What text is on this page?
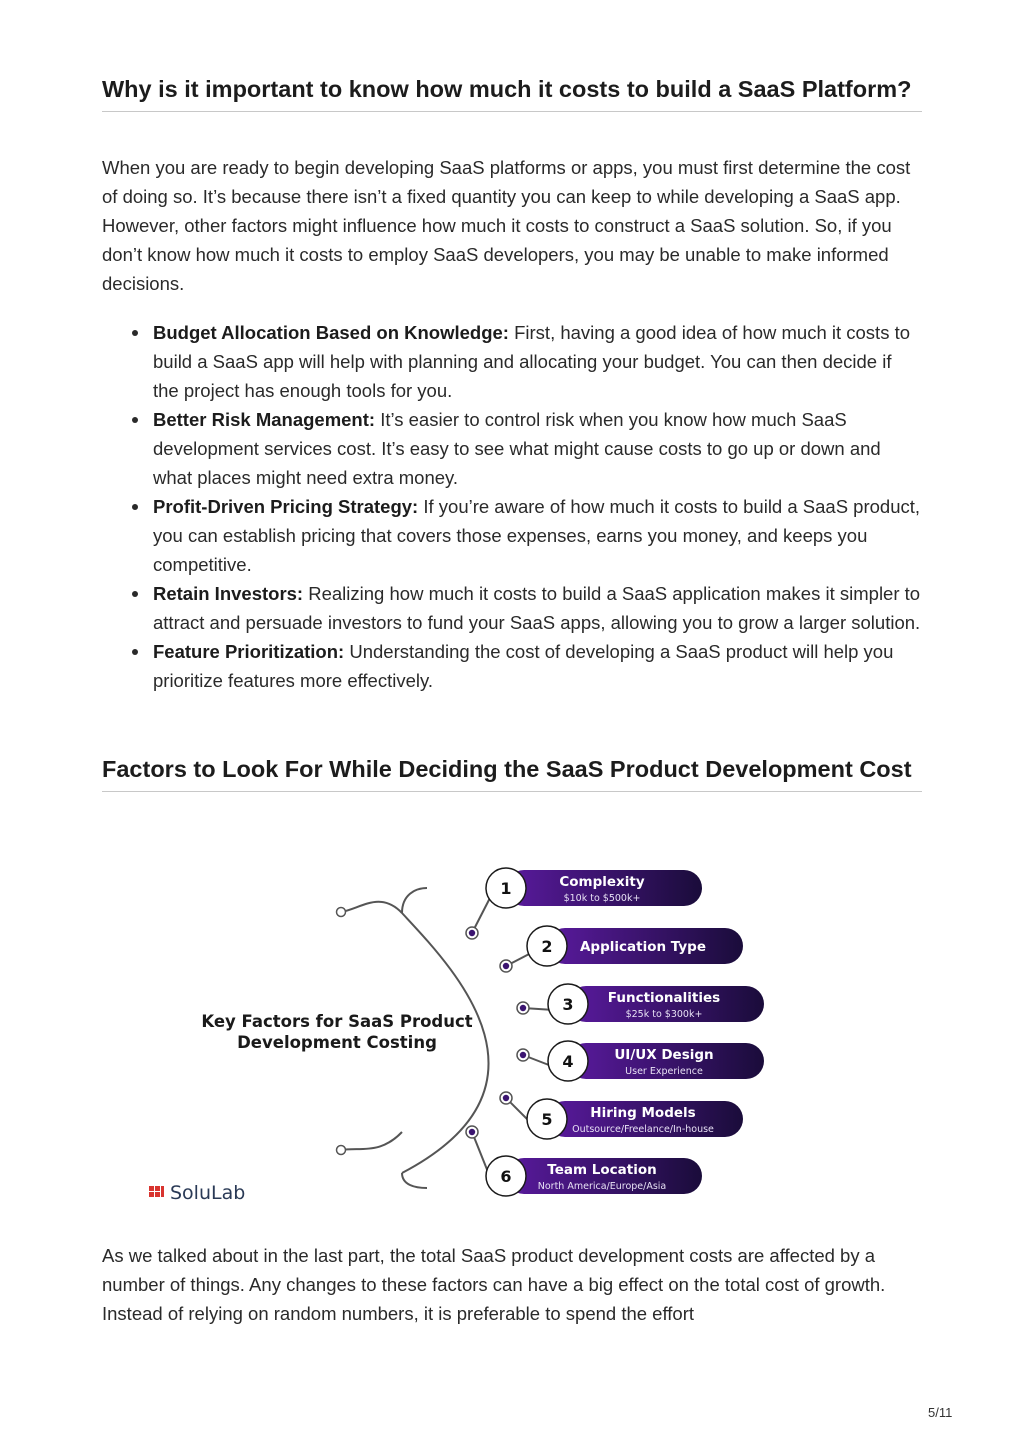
Why is it important to know how much it costs to build a SaaS Platform?

When you are ready to begin developing SaaS platforms or apps, you must first determine the cost of doing so. It’s because there isn’t a fixed quantity you can keep to while developing a SaaS app. However, other factors might influence how much it costs to construct a SaaS solution. So, if you don’t know how much it costs to employ SaaS developers, you may be unable to make informed decisions.

Budget Allocation Based on Knowledge: First, having a good idea of how much it costs to build a SaaS app will help with planning and allocating your budget. You can then decide if the project has enough tools for you.
Better Risk Management: It’s easier to control risk when you know how much SaaS development services cost. It’s easy to see what might cause costs to go up or down and what places might need extra money.
Profit-Driven Pricing Strategy: If you’re aware of how much it costs to build a SaaS product, you can establish pricing that covers those expenses, earns you money, and keeps you competitive.
Retain Investors: Realizing how much it costs to build a SaaS application makes it simpler to attract and persuade investors to fund your SaaS apps, allowing you to grow a larger solution.
Feature Prioritization: Understanding the cost of developing a SaaS product will help you prioritize features more effectively.
Factors to Look For While Deciding the SaaS Product Development Cost
1	Complexity
$10k to $500k+
2 Application Type
3	Functionalities
$25k to $300k+
4	UI/UX Design
User Experience
5	Hiring Models
Outsource/Freelance/In-house
6	Team Location
North America/Europe/Asia
Key Factors for SaaS Product
Development Costing
SoluLab

As we talked about in the last part, the total SaaS product development costs are affected by a number of things. Any changes to these factors can have a big effect on the total cost of growth. Instead of relying on random numbers, it is preferable to spend the effort

5/11
